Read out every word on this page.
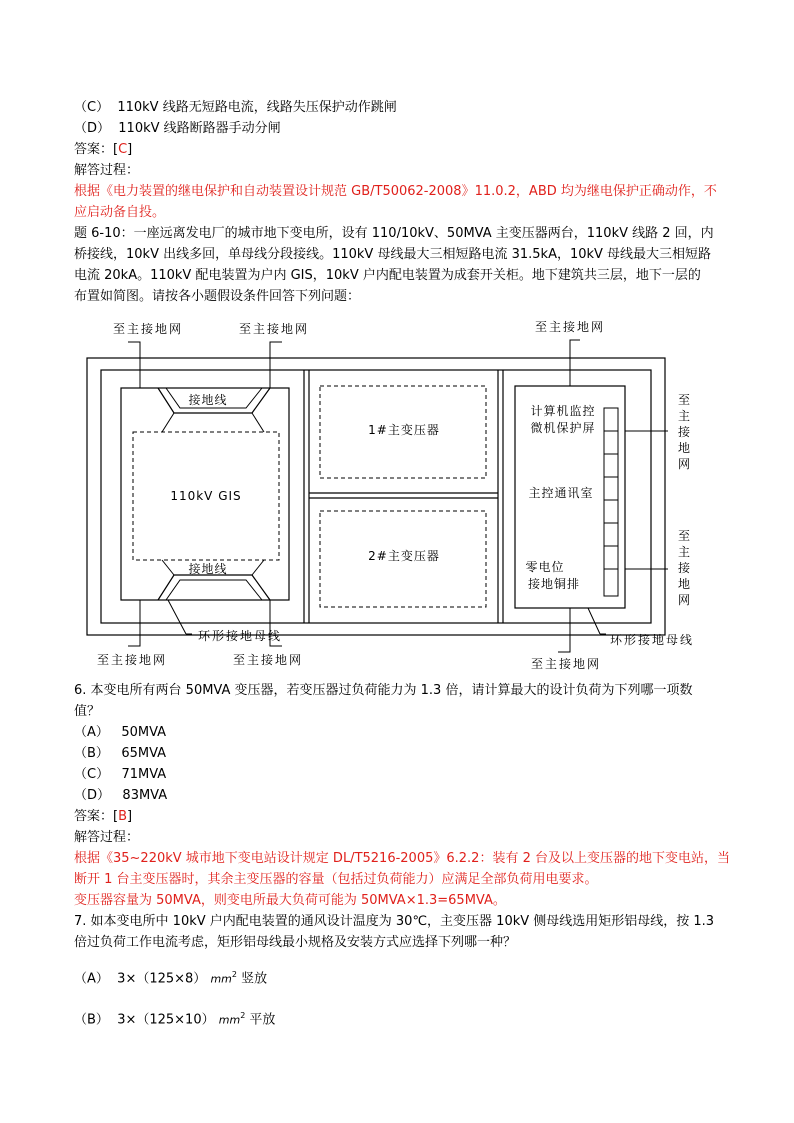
（C） 110kV 线路无短路电流，线路失压保护动作跳闸
（D） 110kV 线路断路器手动分闸
答案：[C]
解答过程：
根据《电力装置的继电保护和自动装置设计规范 GB/T50062-2008》11.0.2，ABD 均为继电保护正确动作，不
应启动备自投。
题 6-10：一座远离发电厂的城市地下变电所，设有 110/10kV、50MVA 主变压器两台，110kV 线路 2 回，内
桥接线，10kV 出线多回，单母线分段接线。110kV 母线最大三相短路电流 31.5kA，10kV 母线最大三相短路
电流 20kA。110kV 配电装置为户内 GIS，10kV 户内配电装置为成套开关柜。地下建筑共三层，地下一层的
布置如简图。请按各小题假设条件回答下列问题：
110kV GIS
接地线
接地线
至主接地网	至主接地网
至主接地网	至主接地网
环形接地母线
1#主变压器
2#主变压器
计算机监控
微机保护屏
主控通讯室
零电位
接地铜排
至
主
接
地
网
至
主
接
地
网
至主接地网
至主接地网
环形接地母线
6. 本变电所有两台 50MVA 变压器，若变压器过负荷能力为 1.3 倍，请计算最大的设计负荷为下列哪一项数
值？
（A） 50MVA
（B） 65MVA
（C） 71MVA
（D） 83MVA
答案：[B]
解答过程：
根据《35~220kV 城市地下变电站设计规定 DL/T5216-2005》6.2.2：装有 2 台及以上变压器的地下变电站，当
断开 1 台主变压器时，其余主变压器的容量（包括过负荷能力）应满足全部负荷用电要求。
变压器容量为 50MVA，则变电所最大负荷可能为 50MVA×1.3=65MVA。
7. 如本变电所中 10kV 户内配电装置的通风设计温度为 30℃，主变压器 10kV 侧母线选用矩形铝母线，按 1.3
倍过负荷工作电流考虑，矩形铝母线最小规格及安装方式应选择下列哪一种？
（A） 3×（125×8） $mm^2$ 竖放
（B） 3×（125×10） $mm^2$ 平放
